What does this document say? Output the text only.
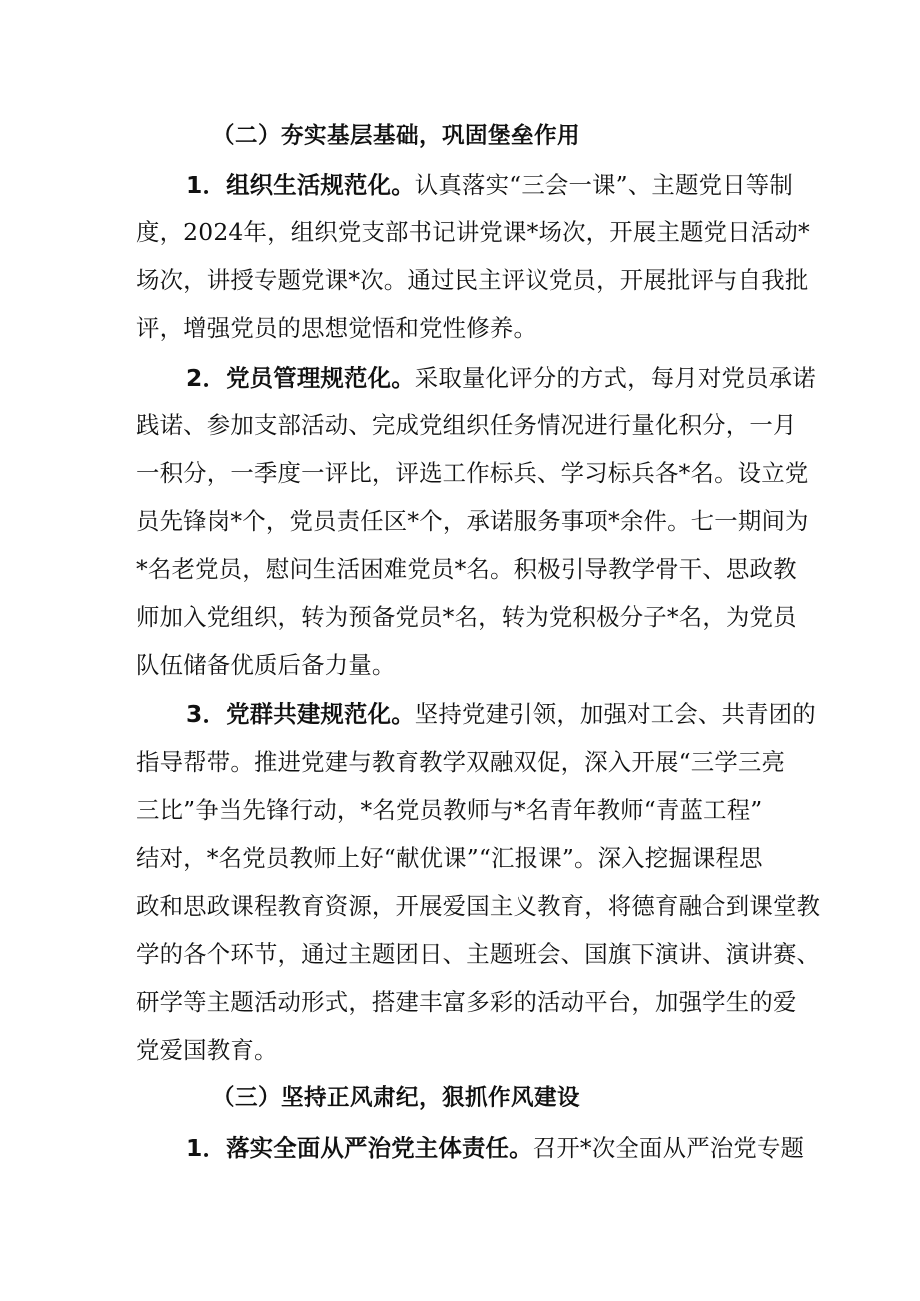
（二）夯实基层基础，巩固堡垒作用
1．组织生活规范化。认真落实“三会一课”、主题党日等制
度，2024年，组织党支部书记讲党课*场次，开展主题党日活动*
场次，讲授专题党课*次。通过民主评议党员，开展批评与自我批
评，增强党员的思想觉悟和党性修养。
2．党员管理规范化。采取量化评分的方式，每月对党员承诺
践诺、参加支部活动、完成党组织任务情况进行量化积分，一月
一积分，一季度一评比，评选工作标兵、学习标兵各*名。设立党
员先锋岗*个，党员责任区*个，承诺服务事项*余件。七一期间为
*名老党员，慰问生活困难党员*名。积极引导教学骨干、思政教
师加入党组织，转为预备党员*名，转为党积极分子*名，为党员
队伍储备优质后备力量。
3．党群共建规范化。坚持党建引领，加强对工会、共青团的
指导帮带。推进党建与教育教学双融双促，深入开展“三学三亮
三比”争当先锋行动，*名党员教师与*名青年教师“青蓝工程”
结对，*名党员教师上好“献优课”“汇报课”。深入挖掘课程思
政和思政课程教育资源，开展爱国主义教育，将德育融合到课堂教
学的各个环节，通过主题团日、主题班会、国旗下演讲、演讲赛、
研学等主题活动形式，搭建丰富多彩的活动平台，加强学生的爱
党爱国教育。
（三）坚持正风肃纪，狠抓作风建设
1．落实全面从严治党主体责任。召开*次全面从严治党专题
